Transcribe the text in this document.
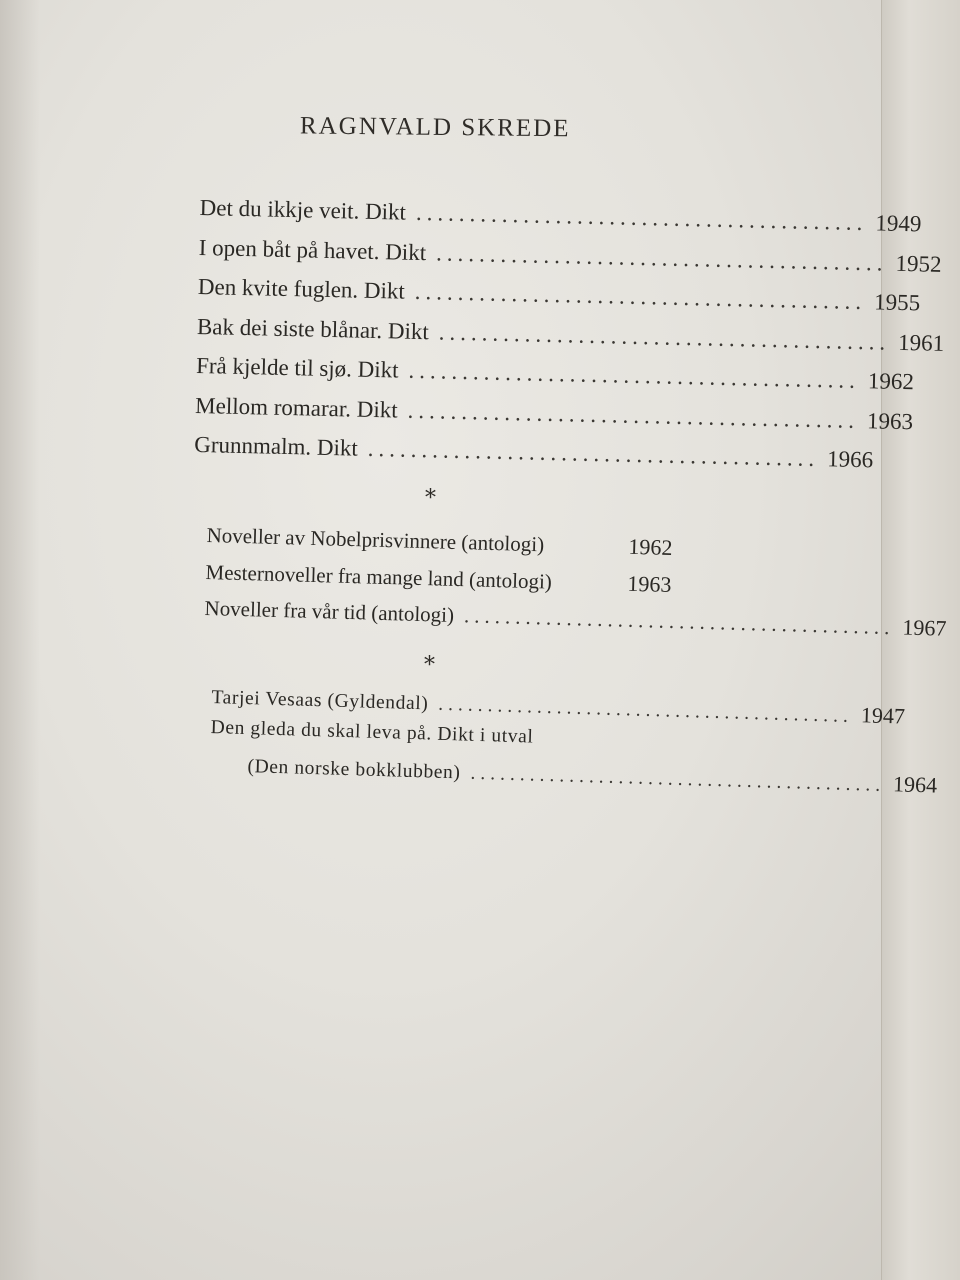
RAGNVALD SKREDE
Det du ikkje veit. Dikt .......................................... 1949
I open båt på havet. Dikt .......................................... 1952
Den kvite fuglen. Dikt .......................................... 1955
Bak dei siste blånar. Dikt .......................................... 1961
Frå kjelde til sjø. Dikt .......................................... 1962
Mellom romarar. Dikt .......................................... 1963
Grunnmalm. Dikt .......................................... 1966
*
Noveller av Nobelprisvinnere (antologi)	1962
Mesternoveller fra mange land (antologi)	1963
Noveller fra vår tid (antologi) .......................................... 1967
*
Tarjei Vesaas (Gyldendal) .......................................... 1947
Den gleda du skal leva på. Dikt i utval
(Den norske bokklubben) .......................................... 1964
